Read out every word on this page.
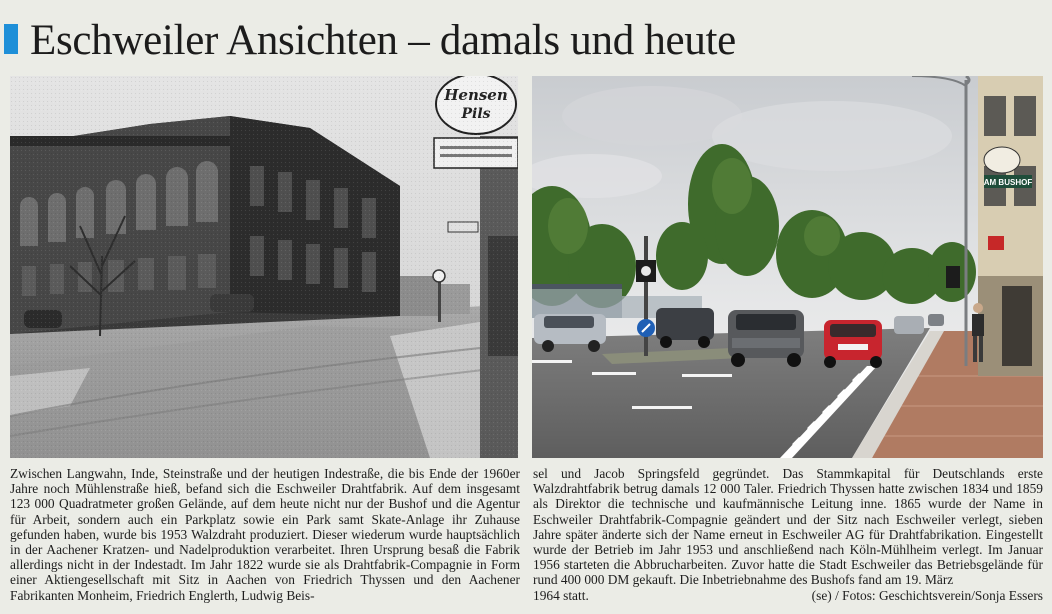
Eschweiler Ansichten – damals und heute
AM BUSHOF
Zwischen Langwahn, Inde, Steinstraße und der heutigen Indestraße, die bis Ende der 1960er Jahre noch Mühlenstraße hieß, befand sich die Eschweiler Drahtfabrik. Auf dem insgesamt 123 000 Quadratmeter großen Gelände, auf dem heute nicht nur der Bushof und die Agentur für Arbeit, sondern auch ein Parkplatz sowie ein Park samt Skate-Anlage ihr Zuhause gefunden haben, wurde bis 1953 Walzdraht produziert. Dieser wiederum wurde hauptsächlich in der Aachener Kratzen- und Nadelproduktion verarbeitet. Ihren Ursprung besaß die Fabrik allerdings nicht in der Indestadt. Im Jahr 1822 wurde sie als Drahtfabrik-Compagnie in Form einer Aktiengesellschaft mit Sitz in Aachen von Friedrich Thyssen und den Aachener Fabrikanten Monheim, Friedrich Englerth, Ludwig Beis-
sel und Jacob Springsfeld gegründet. Das Stammkapital für Deutschlands erste Walzdrahtfabrik betrug damals 12 000 Taler. Friedrich Thyssen hatte zwischen 1834 und 1859 als Direktor die technische und kaufmännische Leitung inne. 1865 wurde der Name in Eschweiler Drahtfabrik-Compagnie geändert und der Sitz nach Eschweiler verlegt, sieben Jahre später änderte sich der Name erneut in Eschweiler AG für Drahtfabrikation. Eingestellt wurde der Betrieb im Jahr 1953 und anschließend nach Köln-Mühlheim verlegt. Im Januar 1956 starteten die Abbrucharbeiten. Zuvor hatte die Stadt Eschweiler das Betriebsgelände für rund 400 000 DM gekauft. Die Inbetriebnahme des Bushofs fand am 19. März
1964 statt.	(se) / Fotos: Geschichtsverein/Sonja Essers
